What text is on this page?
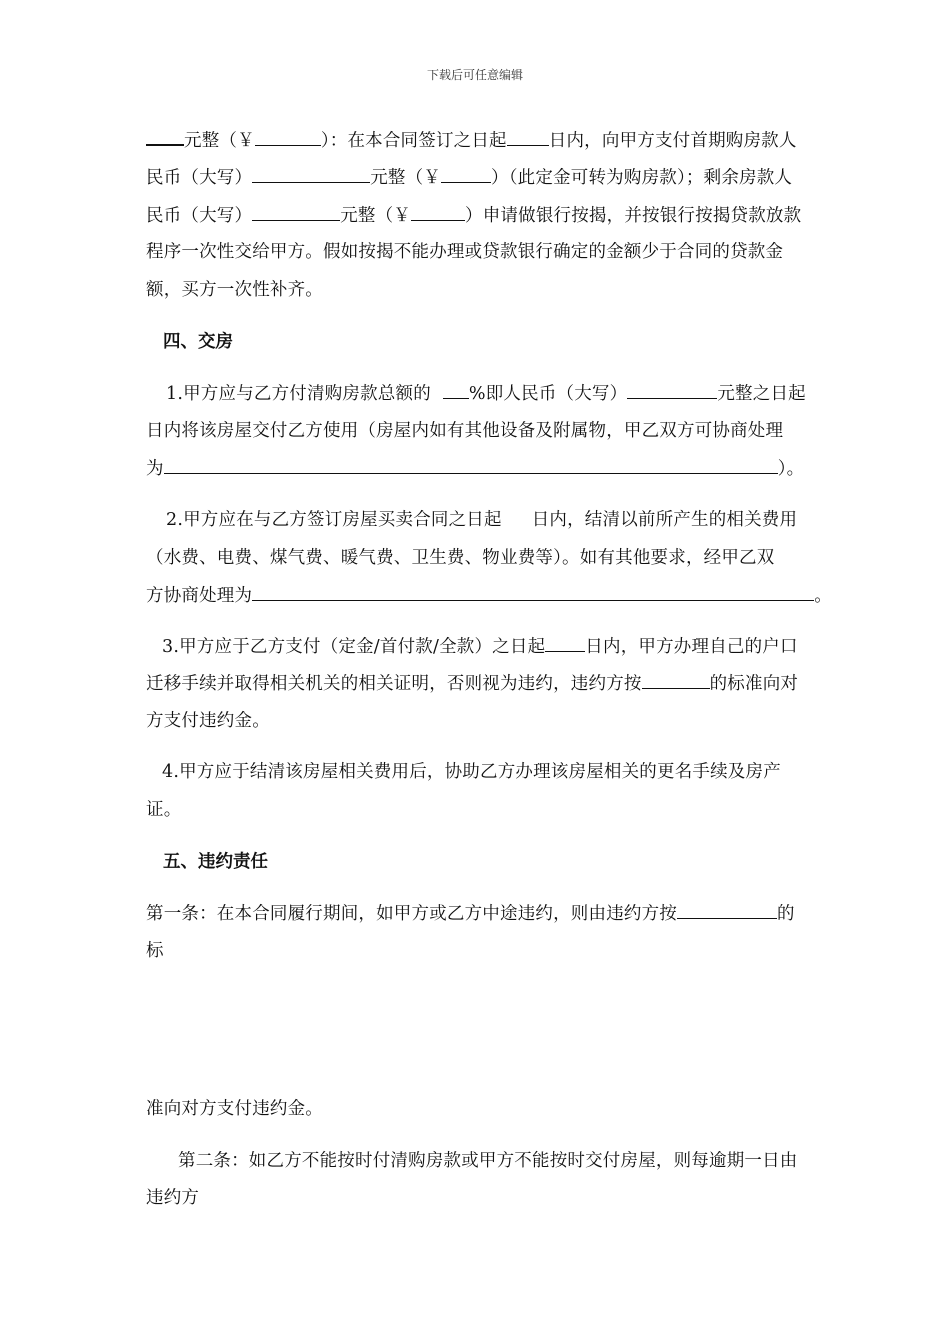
下载后可任意编辑
元整（￥	）：在本合同签订之日起 日内，向甲方支付首期购房款人
民币（大写）	元整（￥	）（此定金可转为购房款）；剩余房款人
民币（大写）	元整（￥	）申请做银行按揭，并按银行按揭贷款放款
程序一次性交给甲方。假如按揭不能办理或贷款银行确定的金额少于合同的贷款金
额，买方一次性补齐。
四、交房
1.甲方应与乙方付清购房款总额的 %即人民币（大写）	元整之日起
日内将该房屋交付乙方使用（房屋内如有其他设备及附属物，甲乙双方可协商处理
为	）。
2.甲方应在与乙方签订房屋买卖合同之日起 日内，结清以前所产生的相关费用
（水费、电费、煤气费、暖气费、卫生费、物业费等）。如有其他要求，经甲乙双
方协商处理为	。
3.甲方应于乙方支付（定金/首付款/全款）之日起 日内，甲方办理自己的户口
迁移手续并取得相关机关的相关证明，否则视为违约，违约方按	的标准向对
方支付违约金。
4.甲方应于结清该房屋相关费用后，协助乙方办理该房屋相关的更名手续及房产
证。
五、违约责任
第一条：在本合同履行期间，如甲方或乙方中途违约，则由违约方按	的
标
准向对方支付违约金。
第二条：如乙方不能按时付清购房款或甲方不能按时交付房屋，则每逾期一日由
违约方
